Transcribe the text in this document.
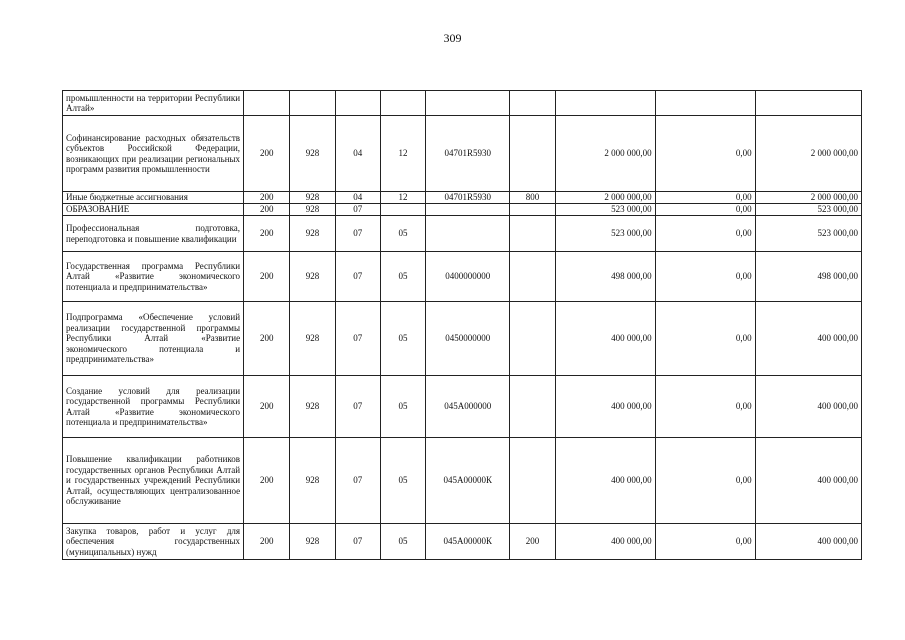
309
промышленности на территории Республики Алтай»									
Софинансирование расходных обязательств субъектов Российской Федерации, возникающих при реализации региональных программ развития промышленности	200	928	04	12	04701R5930		2 000 000,00	0,00	2 000 000,00
Иные бюджетные ассигнования	200	928	04	12	04701R5930	800	2 000 000,00	0,00	2 000 000,00
ОБРАЗОВАНИЕ	200	928	07				523 000,00	0,00	523 000,00
Профессиональная подготовка, переподготовка и повышение квалификации	200	928	07	05			523 000,00	0,00	523 000,00
Государственная программа Республики Алтай «Развитие экономического потенциала и предпринимательства»	200	928	07	05	0400000000		498 000,00	0,00	498 000,00
Подпрограмма «Обеспечение условий реализации государственной программы Республики Алтай «Развитие экономического потенциала и предпринимательства»	200	928	07	05	0450000000		400 000,00	0,00	400 000,00
Создание условий для реализации государственной программы Республики Алтай «Развитие экономического потенциала и предпринимательства»	200	928	07	05	045А000000		400 000,00	0,00	400 000,00
Повышение квалификации работников государственных органов Республики Алтай и государственных учреждений Республики Алтай, осуществляющих централизованное обслуживание	200	928	07	05	045А00000К		400 000,00	0,00	400 000,00
Закупка товаров, работ и услуг для обеспечения государственных (муниципальных) нужд	200	928	07	05	045А00000К	200	400 000,00	0,00	400 000,00
